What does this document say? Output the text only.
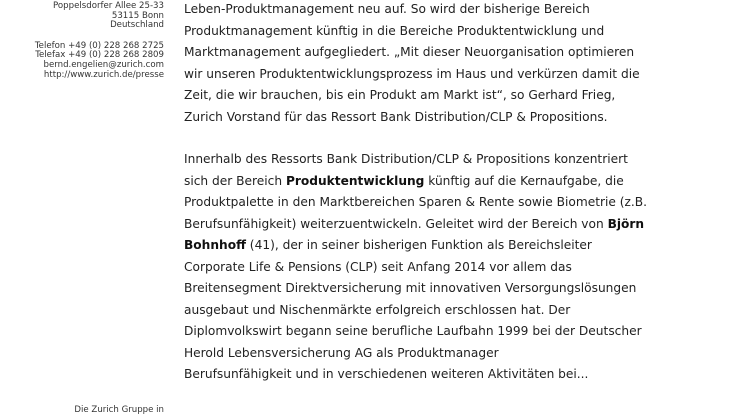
Poppelsdorfer Allee 25-33
53115 Bonn
Deutschland
Telefon +49 (0) 228 268 2725
Telefax +49 (0) 228 268 2809
bernd.engelien@zurich.com
http://www.zurich.de/presse
Die Zurich Gruppe in

Leben-Produktmanagement neu auf. So wird der bisherige Bereich

Produktmanagement künftig in die Bereiche Produktentwicklung und

Marktmanagement aufgegliedert. „Mit dieser Neuorganisation optimieren

wir unseren Produktentwicklungsprozess im Haus und verkürzen damit die

Zeit, die wir brauchen, bis ein Produkt am Markt ist“, so Gerhard Frieg,

Zurich Vorstand für das Ressort Bank Distribution/CLP & Propositions.

Innerhalb des Ressorts Bank Distribution/CLP & Propositions konzentriert

sich der Bereich Produktentwicklung künftig auf die Kernaufgabe, die

Produktpalette in den Marktbereichen Sparen & Rente sowie Biometrie (z.B.

Berufsunfähigkeit) weiterzuentwickeln. Geleitet wird der Bereich von Björn

Bohnhoff (41), der in seiner bisherigen Funktion als Bereichsleiter

Corporate Life & Pensions (CLP) seit Anfang 2014 vor allem das

Breitensegment Direktversicherung mit innovativen Versorgungslösungen

ausgebaut und Nischenmärkte erfolgreich erschlossen hat. Der

Diplomvolkswirt begann seine berufliche Laufbahn 1999 bei der Deutscher

Herold Lebensversicherung AG als Produktmanager

Berufsunfähigkeit und in verschiedenen weiteren Aktivitäten bei...
